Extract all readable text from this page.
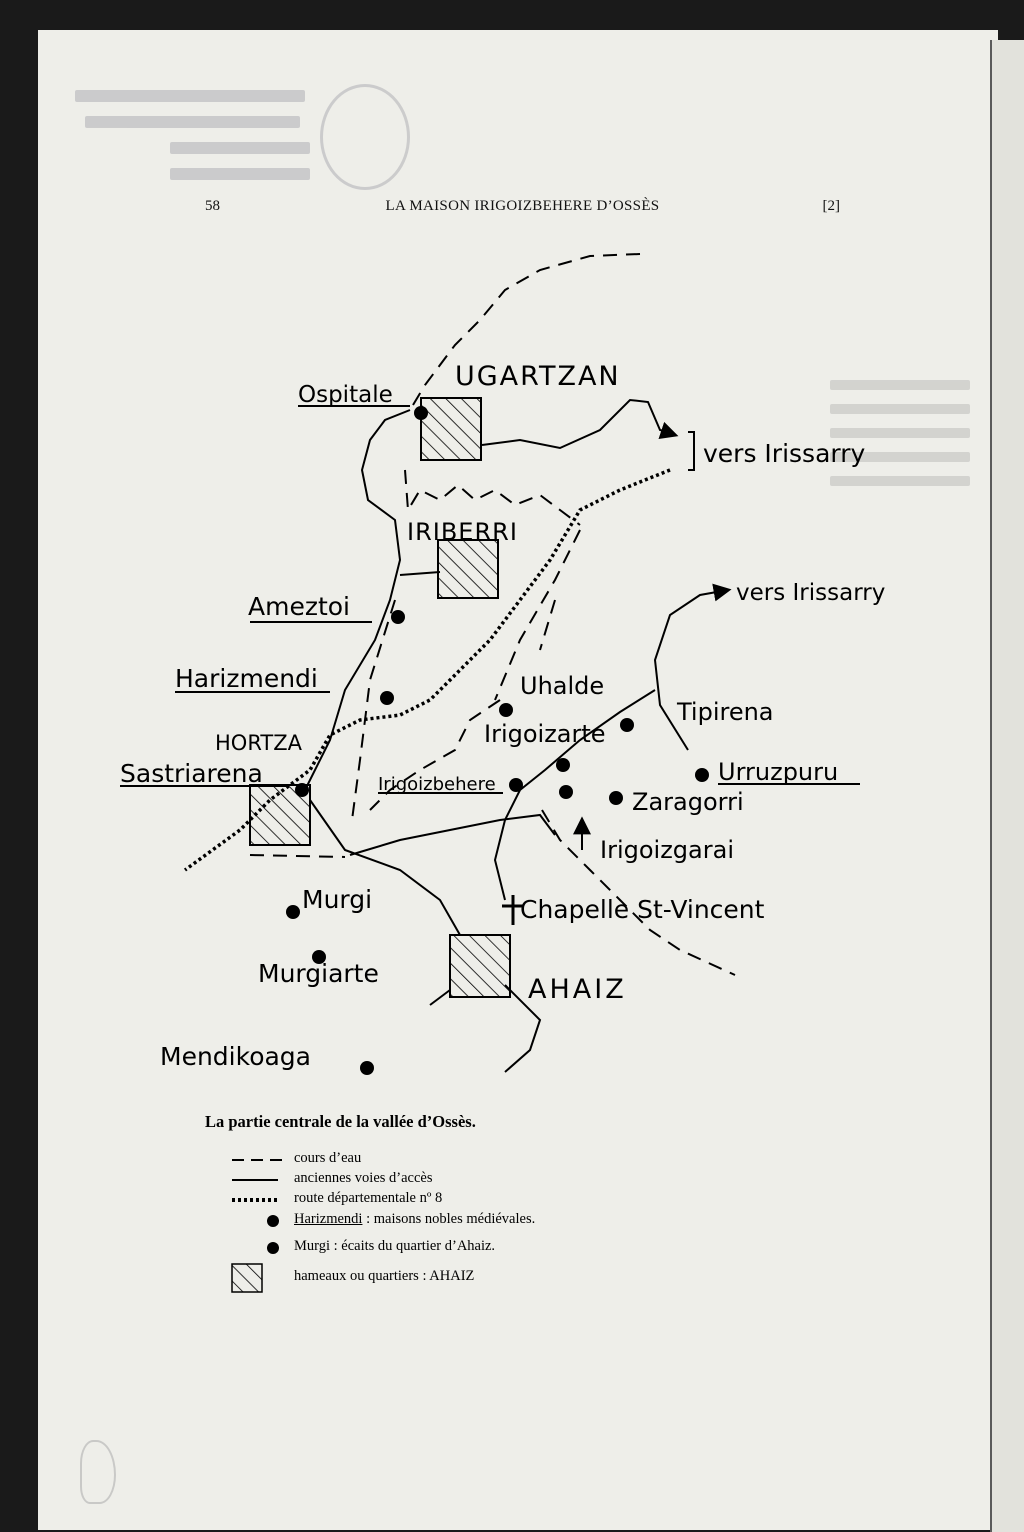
58	LA MAISON IRIGOIZBEHERE D’OSSÈS	[2]
UGARTZAN
Ospitale
vers Irissarry
IRIBERRI
vers Irissarry
Ameztoi
Harizmendi	Uhalde
Tipirena
HORTZA	Irigoizarte
Sastriarena	Irigoizbehere	Urruzpuru
Zaragorri
Irigoizgarai
Murgi	Chapelle St-Vincent
Murgiarte
AHAIZ
Mendikoaga
La partie centrale de la vallée d’Ossès.
cours d’eau
anciennes voies d’accès
route départementale nº 8
Harizmendi : maisons nobles médiévales.
Murgi : écaits du quartier d’Ahaiz.
hameaux ou quartiers : AHAIZ
